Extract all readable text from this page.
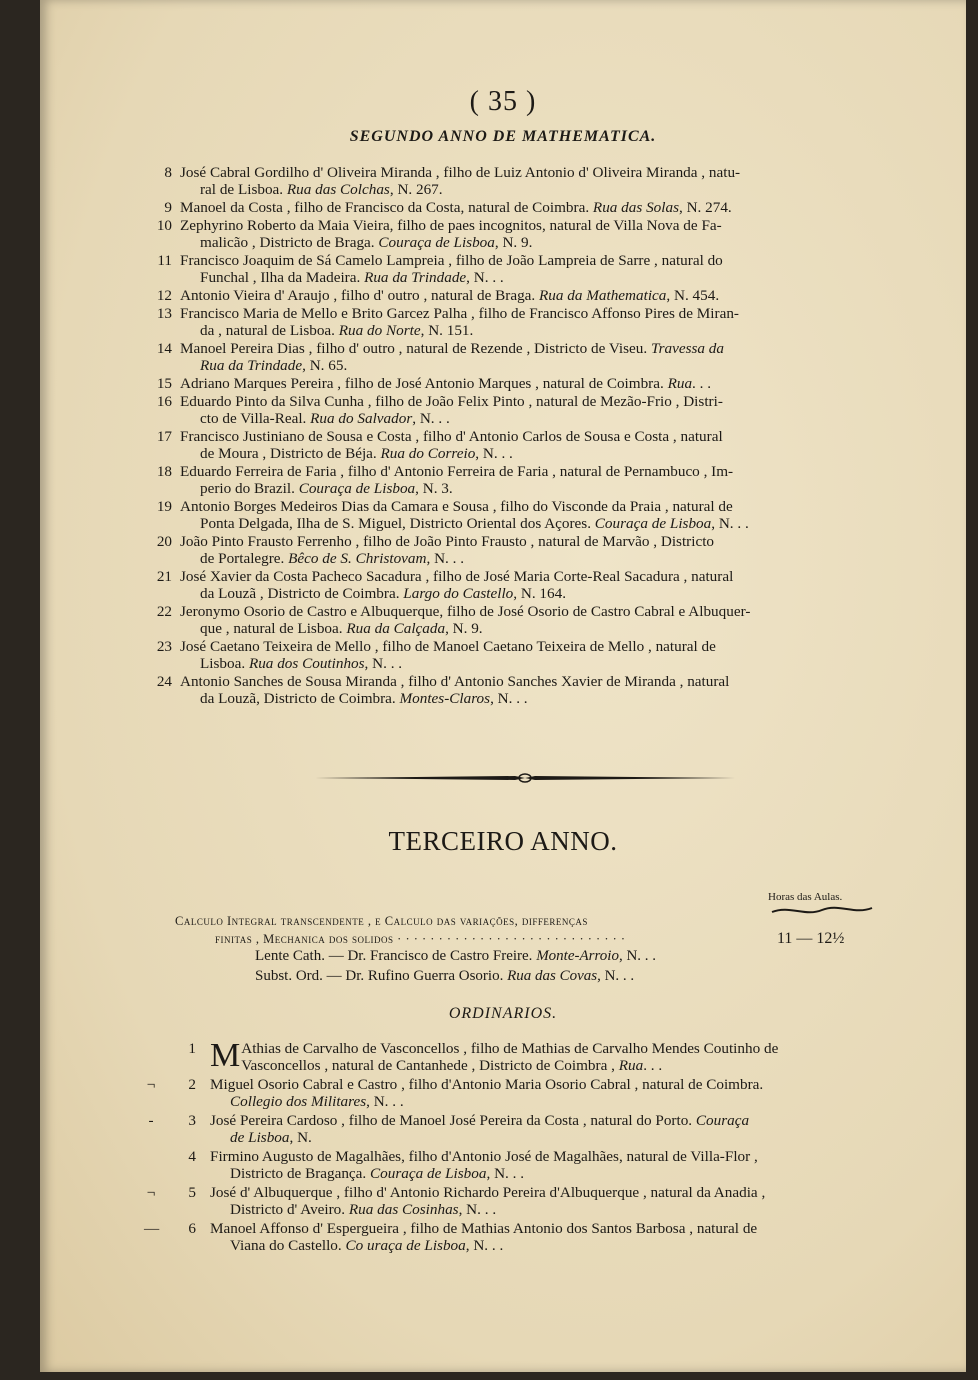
( 35 )
SEGUNDO ANNO DE MATHEMATICA.
8 José Cabral Gordilho d' Oliveira Miranda , filho de Luiz Antonio d' Oliveira Miranda , natu-
ral de Lisboa. Rua das Colchas, N. 267.
9 Manoel da Costa , filho de Francisco da Costa, natural de Coimbra. Rua das Solas, N. 274.
10 Zephyrino Roberto da Maia Vieira, filho de paes incognitos, natural de Villa Nova de Fa-
malicão , Districto de Braga. Couraça de Lisboa, N. 9.
11 Francisco Joaquim de Sá Camelo Lampreia , filho de João Lampreia de Sarre , natural do
Funchal , Ilha da Madeira. Rua da Trindade, N. . .
12 Antonio Vieira d' Araujo , filho d' outro , natural de Braga. Rua da Mathematica, N. 454.
13 Francisco Maria de Mello e Brito Garcez Palha , filho de Francisco Affonso Pires de Miran-
da , natural de Lisboa. Rua do Norte, N. 151.
14 Manoel Pereira Dias , filho d' outro , natural de Rezende , Districto de Viseu. Travessa da
Rua da Trindade, N. 65.
15 Adriano Marques Pereira , filho de José Antonio Marques , natural de Coimbra. Rua. . .
16 Eduardo Pinto da Silva Cunha , filho de João Felix Pinto , natural de Mezão-Frio , Distri-
cto de Villa-Real. Rua do Salvador, N. . .
17 Francisco Justiniano de Sousa e Costa , filho d' Antonio Carlos de Sousa e Costa , natural
de Moura , Districto de Béja. Rua do Correio, N. . .
18 Eduardo Ferreira de Faria , filho d' Antonio Ferreira de Faria , natural de Pernambuco , Im-
perio do Brazil. Couraça de Lisboa, N. 3.
19 Antonio Borges Medeiros Dias da Camara e Sousa , filho do Visconde da Praia , natural de
Ponta Delgada, Ilha de S. Miguel, Districto Oriental dos Açores. Couraça de Lisboa, N. . .
20 João Pinto Frausto Ferrenho , filho de João Pinto Frausto , natural de Marvão , Districto
de Portalegre. Bêco de S. Christovam, N. . .
21 José Xavier da Costa Pacheco Sacadura , filho de José Maria Corte-Real Sacadura , natural
da Louzã , Districto de Coimbra. Largo do Castello, N. 164.
22 Jeronymo Osorio de Castro e Albuquerque, filho de José Osorio de Castro Cabral e Albuquer-
que , natural de Lisboa. Rua da Calçada, N. 9.
23 José Caetano Teixeira de Mello , filho de Manoel Caetano Teixeira de Mello , natural de
Lisboa. Rua dos Coutinhos, N. . .
24 Antonio Sanches de Sousa Miranda , filho d' Antonio Sanches Xavier de Miranda , natural
da Louzã, Districto de Coimbra. Montes-Claros, N. . .
TERCEIRO ANNO.
Horas das Aulas.
Calculo Integral transcendente , e Calculo das variações, differenças
finitas , Mechanica dos solidos · · · · · · · · · · · · · · · · · · · · · · · · · · · ·	11 — 12½
Lente Cath. — Dr. Francisco de Castro Freire. Monte-Arroio, N. . .
Subst. Ord. — Dr. Rufino Guerra Osorio. Rua das Covas, N. . .
ORDINARIOS.
1 M Athias de Carvalho de Vasconcellos , filho de Mathias de Carvalho Mendes Coutinho de
Vasconcellos , natural de Cantanhede , Districto de Coimbra , Rua. . .
¬	2 Miguel Osorio Cabral e Castro , filho d'Antonio Maria Osorio Cabral , natural de Coimbra.
Collegio dos Militares, N. . .
-	3 José Pereira Cardoso , filho de Manoel José Pereira da Costa , natural do Porto. Couraça
de Lisboa, N.
4 Firmino Augusto de Magalhães, filho d'Antonio José de Magalhães, natural de Villa-Flor ,
Districto de Bragança. Couraça de Lisboa, N. . .
¬	5 José d' Albuquerque , filho d' Antonio Richardo Pereira d'Albuquerque , natural da Anadia ,
Districto d' Aveiro. Rua das Cosinhas, N. . .
—	6 Manoel Affonso d' Espergueira , filho de Mathias Antonio dos Santos Barbosa , natural de
Viana do Castello. Co uraça de Lisboa, N. . .
